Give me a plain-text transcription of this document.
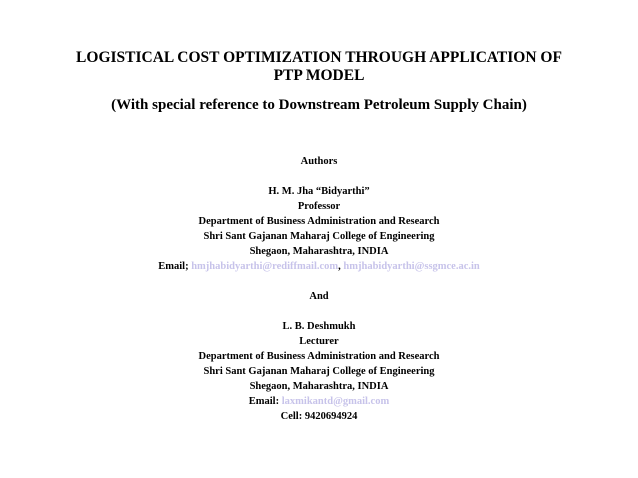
LOGISTICAL COST OPTIMIZATION THROUGH APPLICATION OF
PTP MODEL
(With special reference to Downstream Petroleum Supply Chain)
Authors
H. M. Jha “Bidyarthi”
Professor
Department of Business Administration and Research
Shri Sant Gajanan Maharaj College of Engineering
Shegaon, Maharashtra, INDIA
Email; hmjhabidyarthi@rediffmail.com, hmjhabidyarthi@ssgmce.ac.in
And
L. B. Deshmukh
Lecturer
Department of Business Administration and Research
Shri Sant Gajanan Maharaj College of Engineering
Shegaon, Maharashtra, INDIA
Email: laxmikantd@gmail.com
Cell: 9420694924
